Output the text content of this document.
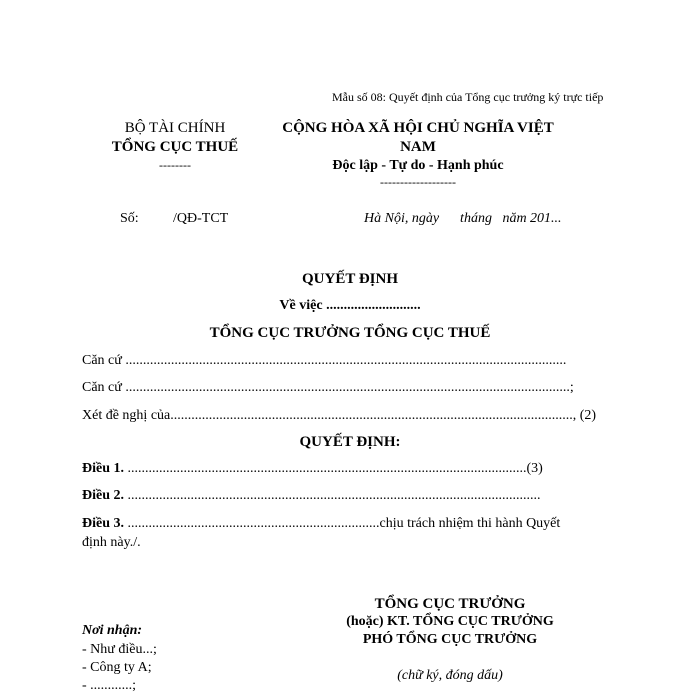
Mẫu số 08: Quyết định của Tổng cục trưởng ký trực tiếp
BỘ TÀI CHÍNH
TỔNG CỤC THUẾ
--------
CỘNG HÒA XÃ HỘI CHỦ NGHĨA VIỆT
NAM
Độc lập - Tự do - Hạnh phúc
-------------------
Số: /QĐ-TCT	Hà Nội, ngày      tháng   năm 201...
QUYẾT ĐỊNH
Về việc ...........................
TỔNG CỤC TRƯỞNG TỔNG CỤC THUẾ
Căn cứ ..............................................................................................................................
Căn cứ ...............................................................................................................................;
Xét đề nghị của..................................................................................................................., (2)
QUYẾT ĐỊNH:
Điều 1. ..................................................................................................................(3)
Điều 2. ......................................................................................................................
Điều 3. ........................................................................chịu trách nhiệm thi hành Quyết
định này./.
TỔNG CỤC TRƯỞNG
(hoặc) KT. TỔNG CỤC TRƯỞNG
PHÓ TỔNG CỤC TRƯỞNG
(chữ ký, đóng dấu)
Nơi nhận:
- Như điều...;
- Công ty A;
- ............;
